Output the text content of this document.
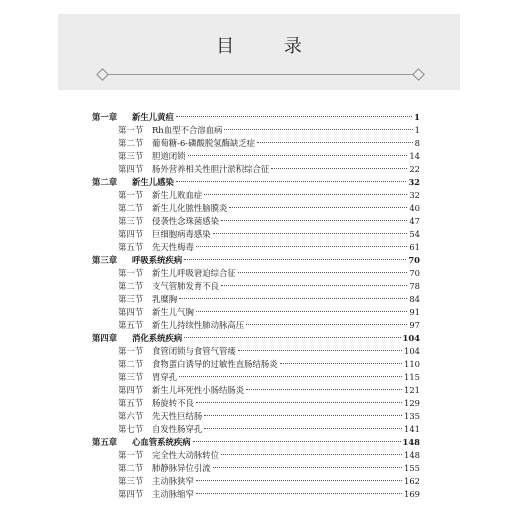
目 录
第一章	新生儿黄疸	1
第一节	Rh血型不合溶血病	1
第二节	葡萄糖-6-磷酸脱氢酶缺乏症	8
第三节	胆道闭锁	14
第四节	肠外营养相关性胆汁淤积综合征	22
第二章	新生儿感染	32
第一节	新生儿败血症	32
第二节	新生儿化脓性脑膜炎	40
第三节	侵袭性念珠菌感染	47
第四节	巨细胞病毒感染	54
第五节	先天性梅毒	61
第三章	呼吸系统疾病	70
第一节	新生儿呼吸窘迫综合征	70
第二节	支气管肺发育不良	78
第三节	乳糜胸	84
第四节	新生儿气胸	91
第五节	新生儿持续性肺动脉高压	97
第四章	消化系统疾病	104
第一节	食管闭锁与食管气管瘘	104
第二节	食物蛋白诱导的过敏性直肠结肠炎	110
第三节	胃穿孔	115
第四节	新生儿坏死性小肠结肠炎	121
第五节	肠旋转不良	129
第六节	先天性巨结肠	135
第七节	自发性肠穿孔	141
第五章	心血管系统疾病	148
第一节	完全性大动脉转位	148
第二节	肺静脉异位引流	155
第三节	主动脉狭窄	162
第四节	主动脉缩窄	169
